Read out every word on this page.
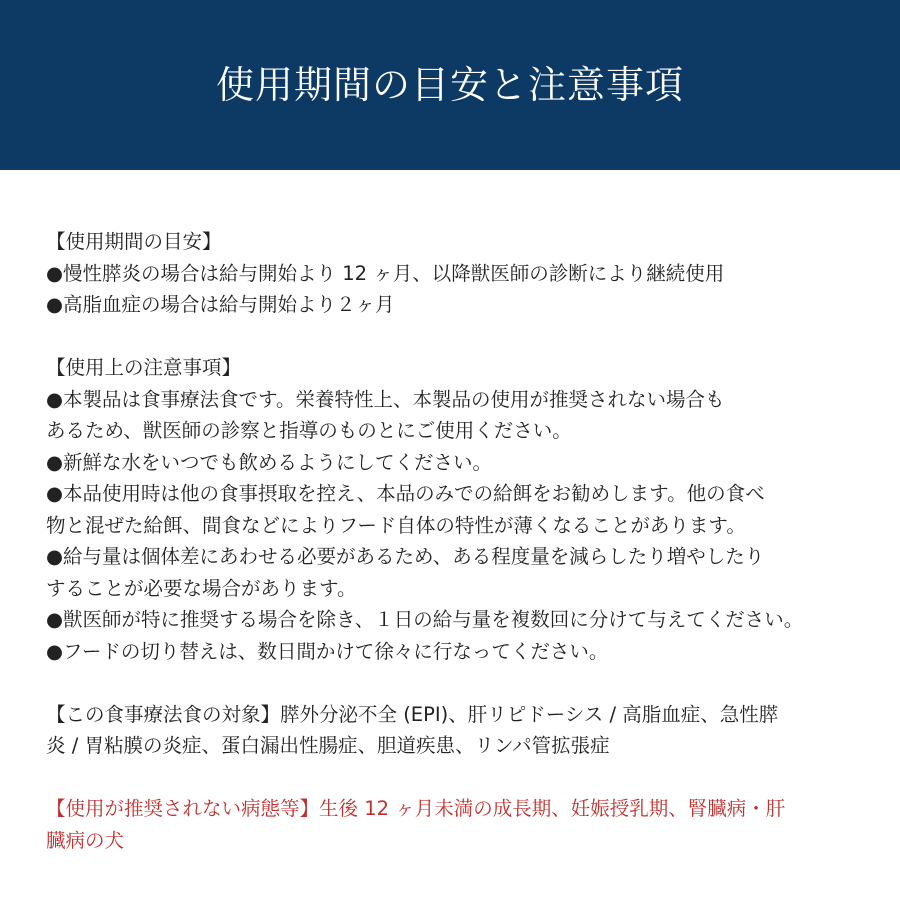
使用期間の目安と注意事項
【使用期間の目安】
●慢性膵炎の場合は給与開始より 12 ヶ月、以降獣医師の診断により継続使用
●高脂血症の場合は給与開始より２ヶ月
【使用上の注意事項】
●本製品は食事療法食です。栄養特性上、本製品の使用が推奨されない場合も
あるため、獣医師の診察と指導のものとにご使用ください。
●新鮮な水をいつでも飲めるようにしてください。
●本品使用時は他の食事摂取を控え、本品のみでの給餌をお勧めします。他の食べ
物と混ぜた給餌、間食などによりフード自体の特性が薄くなることがあります。
●給与量は個体差にあわせる必要があるため、ある程度量を減らしたり増やしたり
することが必要な場合があります。
●獣医師が特に推奨する場合を除き、１日の給与量を複数回に分けて与えてください。
●フードの切り替えは、数日間かけて徐々に行なってください。
【この食事療法食の対象】膵外分泌不全 (EPI)、肝リピドーシス / 高脂血症、急性膵
炎 / 胃粘膜の炎症、蛋白漏出性腸症、胆道疾患、リンパ管拡張症
【使用が推奨されない病態等】生後 12 ヶ月未満の成長期、妊娠授乳期、腎臓病・肝
臓病の犬
